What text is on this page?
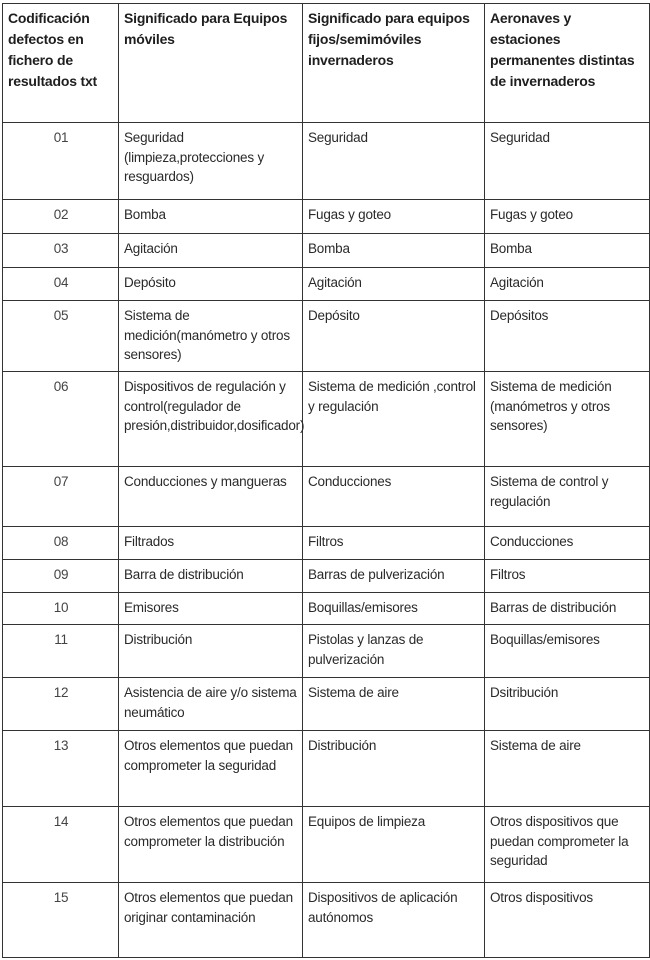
Codificación defectos en fichero de resultados txt	Significado para Equipos móviles	Significado para equipos fijos/semimóviles invernaderos	Aeronaves y estaciones permanentes distintas de invernaderos
01	Seguridad (limpieza,protecciones y resguardos)	Seguridad	Seguridad
02	Bomba	Fugas y goteo	Fugas y goteo
03	Agitación	Bomba	Bomba
04	Depósito	Agitación	Agitación
05	Sistema de medición(manómetro y otros sensores)	Depósito	Depósitos
06	Dispositivos de regulación y control(regulador de presión,distribuidor,dosificador)	Sistema de medición ,control y regulación	Sistema de medición (manómetros y otros sensores)
07	Conducciones y mangueras	Conducciones	Sistema de control y regulación
08	Filtrados	Filtros	Conducciones
09	Barra de distribución	Barras de pulverización	Filtros
10	Emisores	Boquillas/emisores	Barras de distribución
11	Distribución	Pistolas y lanzas de pulverización	Boquillas/emisores
12	Asistencia de aire y/o sistema neumático	Sistema de aire	Dsitribución
13	Otros elementos que puedan comprometer la seguridad	Distribución	Sistema de aire
14	Otros elementos que puedan comprometer la distribución	Equipos de limpieza	Otros dispositivos que puedan comprometer la seguridad
15	Otros elementos que puedan originar contaminación	Dispositivos de aplicación autónomos	Otros dispositivos
